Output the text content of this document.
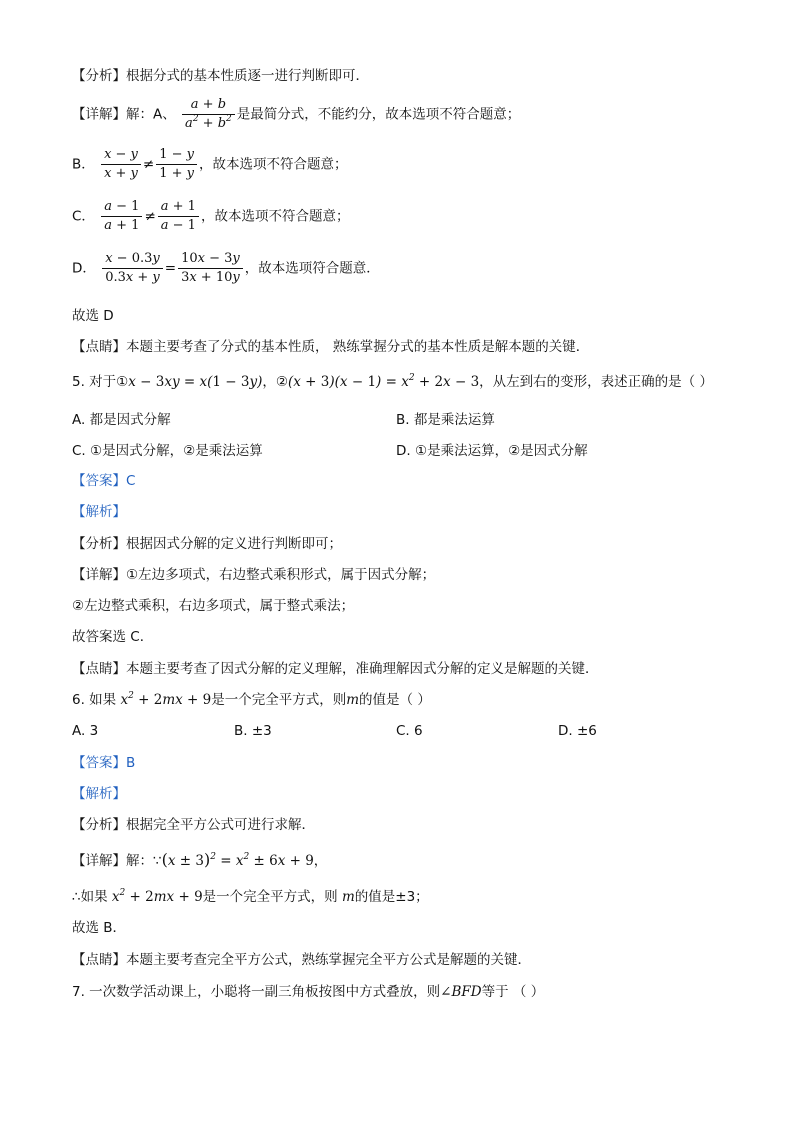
【分析】根据分式的基本性质逐一进行判断即可．
【详解】解：A、 $\frac{a + b}{a^2 + b^2}$ 是最简分式，不能约分，故本选项不符合题意；
B． $\frac{x - y}{x + y} \ne \frac{1 - y}{1 + y}$ ，故本选项不符合题意；
C． $\frac{a - 1}{a + 1} \ne \frac{a + 1}{a - 1}$ ，故本选项不符合题意；
D． $\frac{x - 0.3y}{0.3x + y} = \frac{10x - 3y}{3x + 10y}$ ，故本选项符合题意．
故选 D
【点睛】本题主要考查了分式的基本性质， 熟练掌握分式的基本性质是解本题的关键．
5. 对于①x − 3xy = x(1 − 3y)，②(x + $3)(x - 1) = x^2 + 2x - 3$，从左到右的变形，表述正确的是（ ）
A. 都是因式分解	B. 都是乘法运算
C. ①是因式分解，②是乘法运算	D. ①是乘法运算，②是因式分解
【答案】C
【解析】
【分析】根据因式分解的定义进行判断即可；
【详解】①左边多项式，右边整式乘积形式，属于因式分解；
②左边整式乘积，右边多项式，属于整式乘法；
故答案选 C．
【点睛】本题主要考查了因式分解的定义理解，准确理解因式分解的定义是解题的关键．
6. 如果 $x^2 + 2mx + 9$是一个完全平方式，则m的值是（ ）
A. 3	B. ±3	C. 6	D. ±6
【答案】B
【解析】
【分析】根据完全平方公式可进行求解．
【详解】解：∵(x ± $3)^2 = x^2 \pm 6x + 9$，
∴如果 $x^2 + 2mx + 9$是一个完全平方式，则 m的值是±3；
故选 B．
【点睛】本题主要考查完全平方公式，熟练掌握完全平方公式是解题的关键．
7. 一次数学活动课上，小聪将一副三角板按图中方式叠放，则∠BFD等于 （ ）
